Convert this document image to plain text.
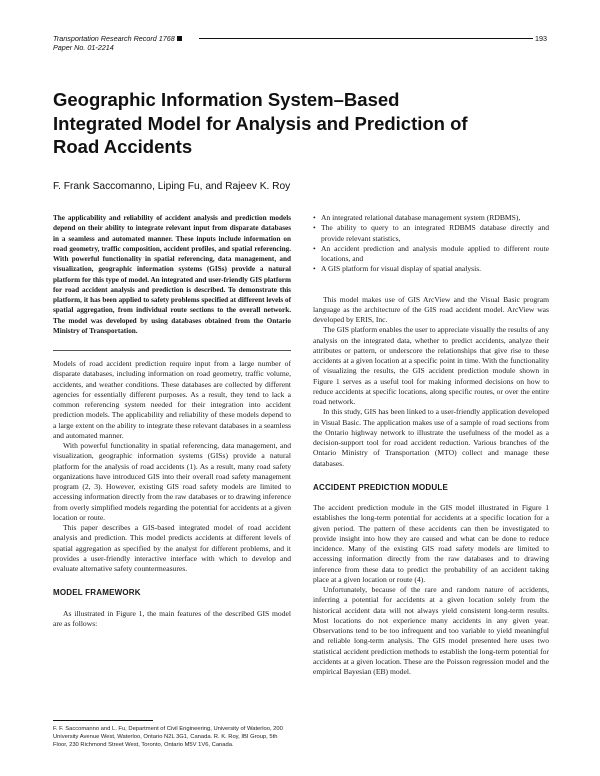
Transportation Research Record 1768	193
Paper No. 01-2214
Geographic Information System–Based Integrated Model for Analysis and Prediction of Road Accidents
F. Frank Saccomanno, Liping Fu, and Rajeev K. Roy
The applicability and reliability of accident analysis and prediction models depend on their ability to integrate relevant input from disparate databases in a seamless and automated manner. These inputs include information on road geometry, traffic composition, accident profiles, and spatial referencing. With powerful functionality in spatial referencing, data management, and visualization, geographic information systems (GISs) provide a natural platform for this type of model. An integrated and user-friendly GIS platform for road accident analysis and prediction is described. To demonstrate this platform, it has been applied to safety problems specified at different levels of spatial aggregation, from individual route sections to the overall network. The model was developed by using databases obtained from the Ontario Ministry of Transportation.

Models of road accident prediction require input from a large number of disparate databases, including information on road geometry, traffic volume, accidents, and weather conditions. These databases are collected by different agencies for essentially different purposes. As a result, they tend to lack a common referencing system needed for their integration into accident prediction models. The applicability and reliability of these models depend to a large extent on the ability to integrate these relevant databases in a seamless and automated manner.

With powerful functionality in spatial referencing, data management, and visualization, geographic information systems (GISs) provide a natural platform for the analysis of road accidents (1). As a result, many road safety organizations have introduced GIS into their overall road safety management program (2, 3). However, existing GIS road safety models are limited to accessing information directly from the raw databases or to drawing inference from overly simplified models regarding the potential for accidents at a given location or route.

This paper describes a GIS-based integrated model of road accident analysis and prediction. This model predicts accidents at different levels of spatial aggregation as specified by the analyst for different problems, and it provides a user-friendly interactive interface with which to develop and evaluate alternative safety countermeasures.

MODEL FRAMEWORK

As illustrated in Figure 1, the main features of the described GIS model are as follows:

• An integrated relational database management system (RDBMS),
• The ability to query to an integrated RDBMS database directly and provide relevant statistics,
• An accident prediction and analysis module applied to different route locations, and
• A GIS platform for visual display of spatial analysis.

This model makes use of GIS ArcView and the Visual Basic program language as the architecture of the GIS road accident model. ArcView was developed by ERIS, Inc.

The GIS platform enables the user to appreciate visually the results of any analysis on the integrated data, whether to predict accidents, analyze their attributes or pattern, or underscore the relationships that give rise to these accidents at a given location at a specific point in time. With the functionality of visualizing the results, the GIS accident prediction module shown in Figure 1 serves as a useful tool for making informed decisions on how to reduce accidents at specific locations, along specific routes, or over the entire road network.

In this study, GIS has been linked to a user-friendly application developed in Visual Basic. The application makes use of a sample of road sections from the Ontario highway network to illustrate the usefulness of the model as a decision-support tool for road accident reduction. Various branches of the Ontario Ministry of Transportation (MTO) collect and manage these databases.

ACCIDENT PREDICTION MODULE

The accident prediction module in the GIS model illustrated in Figure 1 establishes the long-term potential for accidents at a specific location for a given period. The pattern of these accidents can then be investigated to provide insight into how they are caused and what can be done to reduce incidence. Many of the existing GIS road safety models are limited to accessing information directly from the raw databases and to drawing inference from these data to predict the probability of an accident taking place at a given location or route (4).

Unfortunately, because of the rare and random nature of accidents, inferring a potential for accidents at a given location solely from the historical accident data will not always yield consistent long-term results. Most locations do not experience many accidents in any given year. Observations tend to be too infrequent and too variable to yield meaningful and reliable long-term analysis. The GIS model presented here uses two statistical accident prediction methods to establish the long-term potential for accidents at a given location. These are the Poisson regression model and the empirical Bayesian (EB) model.

F. F. Saccomanno and L. Fu, Department of Civil Engineering, University of Waterloo, 200 University Avenue West, Waterloo, Ontario N2L 3G1, Canada. R. K. Roy, IBI Group, 5th Floor, 230 Richmond Street West, Toronto, Ontario M5V 1V6, Canada.
